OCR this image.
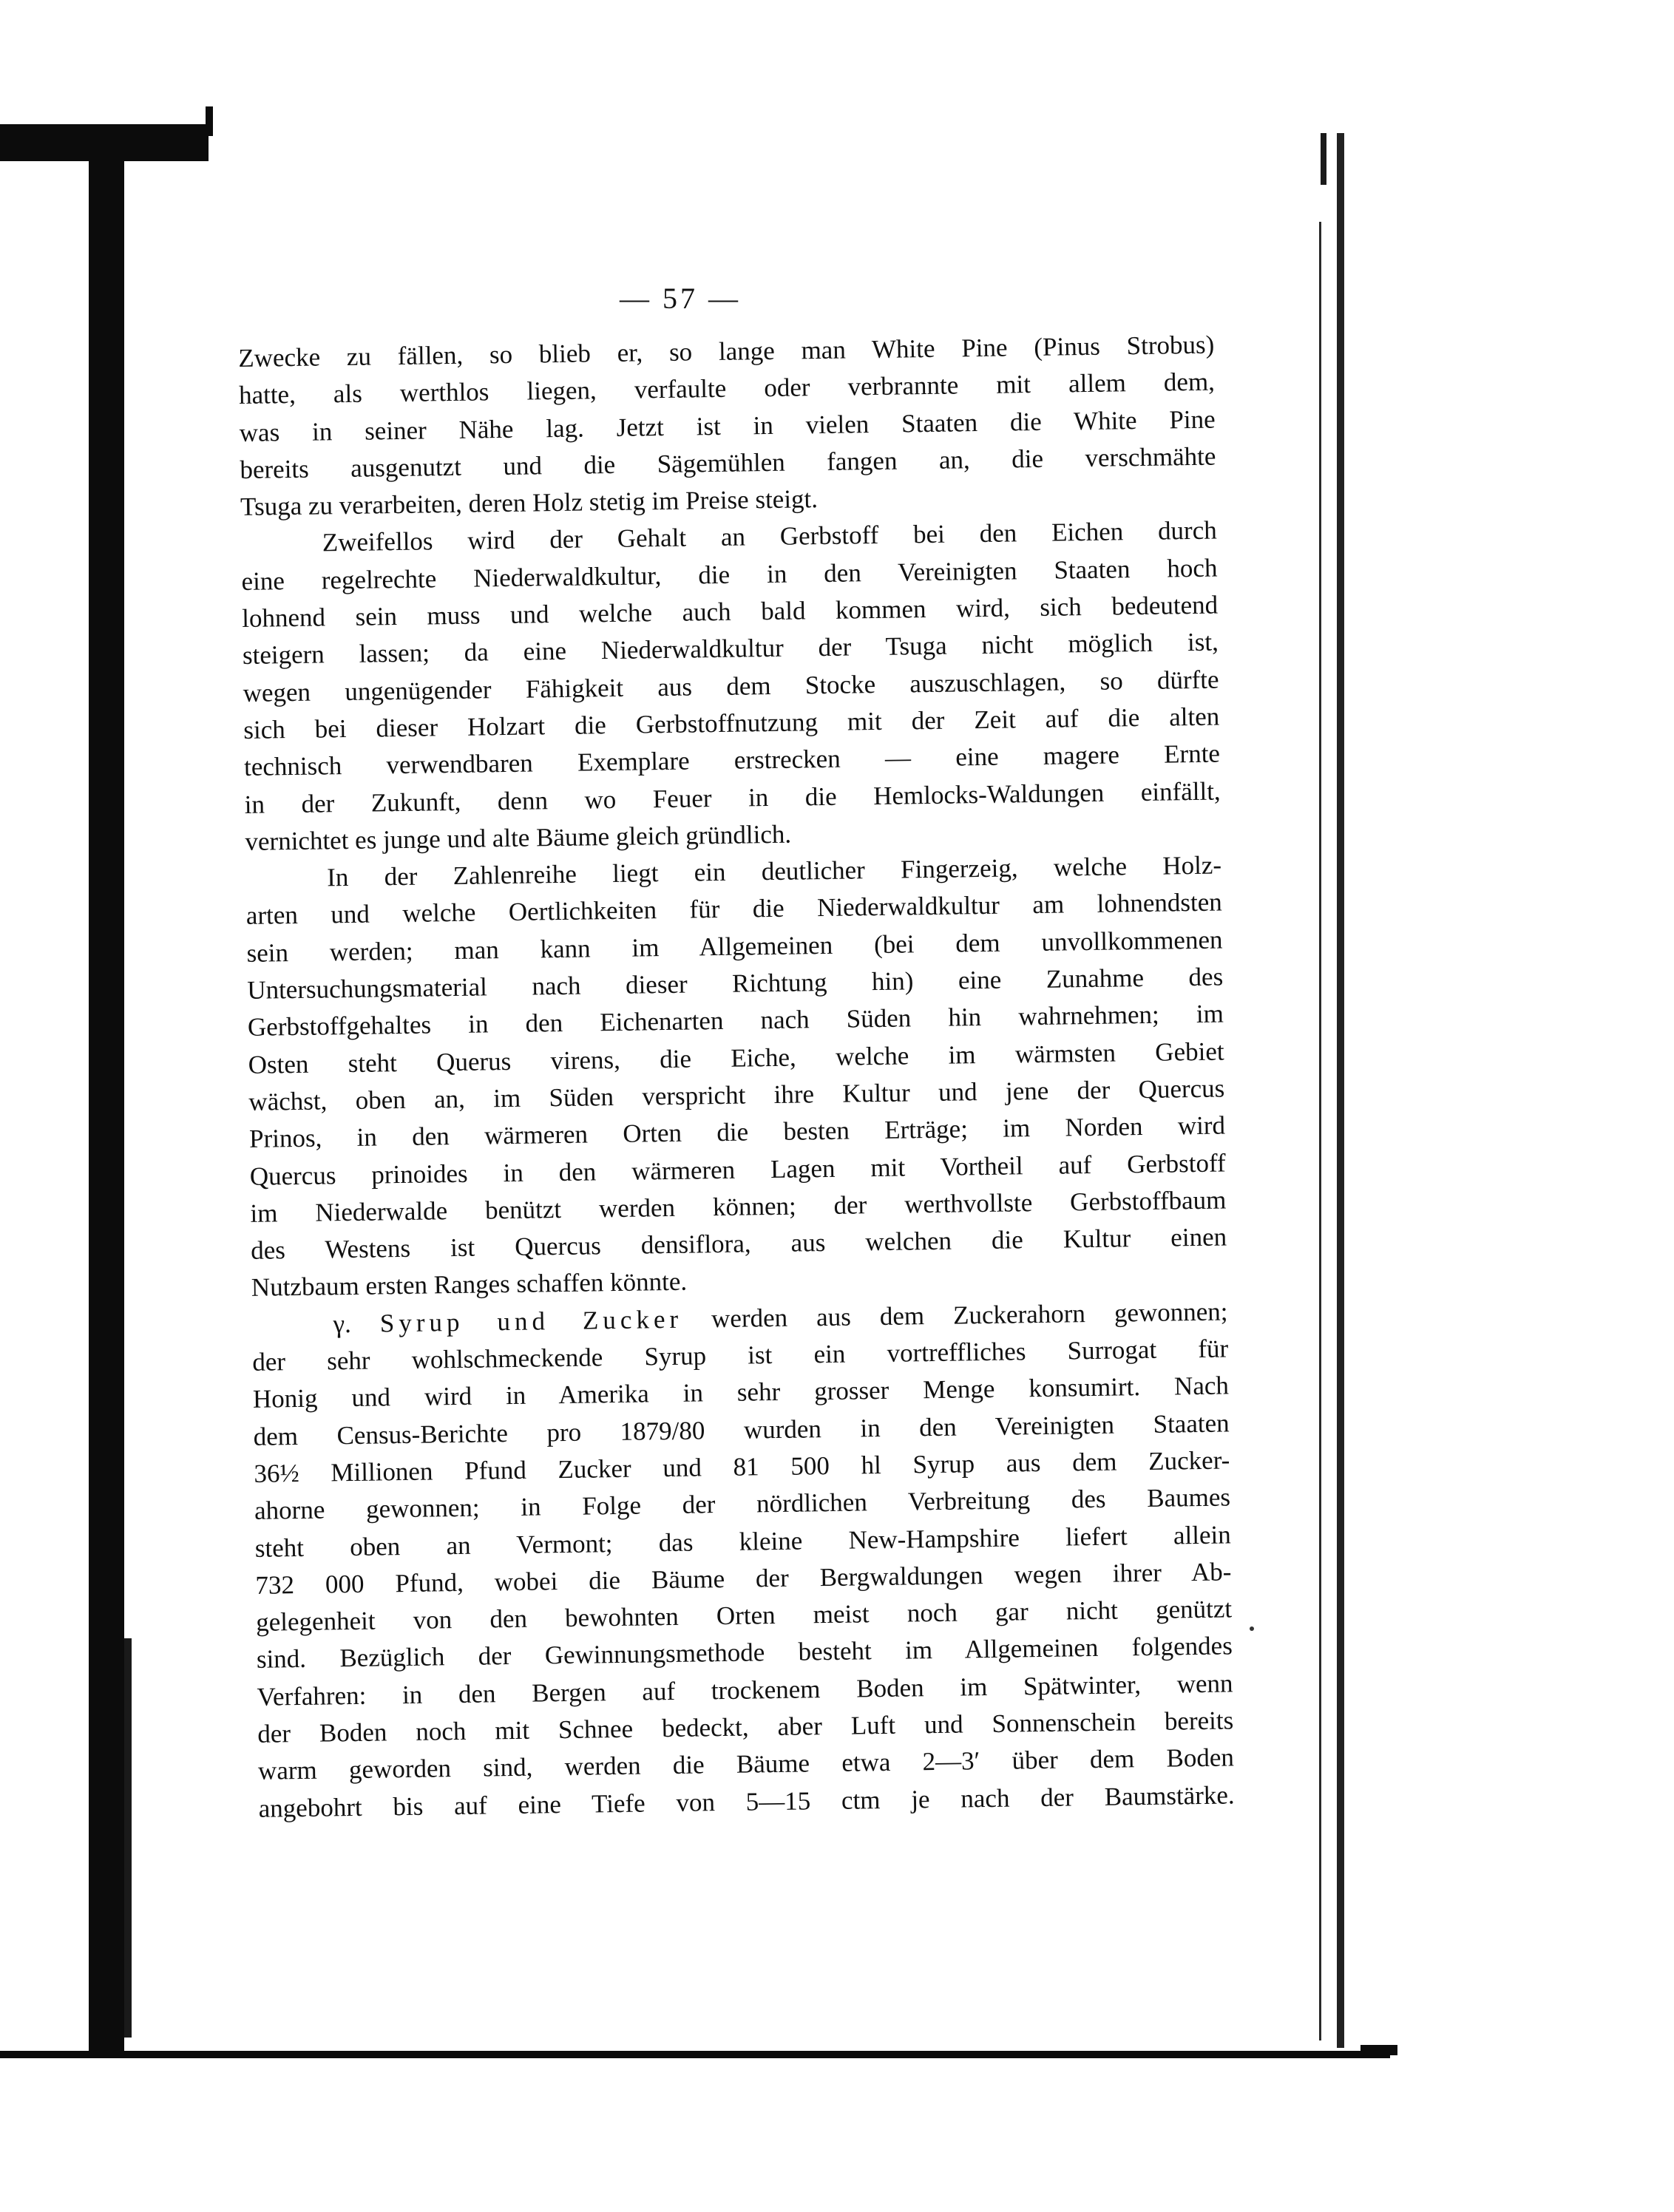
— 57 —
Zwecke zu fällen, so blieb er, so lange man White Pine (Pinus Strobus)
hatte, als werthlos liegen, verfaulte oder verbrannte mit allem dem,
was in seiner Nähe lag. Jetzt ist in vielen Staaten die White Pine
bereits ausgenutzt und die Sägemühlen fangen an, die verschmähte
Tsuga zu verarbeiten, deren Holz stetig im Preise steigt.
Zweifellos wird der Gehalt an Gerbstoff bei den Eichen durch
eine regelrechte Niederwaldkultur, die in den Vereinigten Staaten hoch
lohnend sein muss und welche auch bald kommen wird, sich bedeutend
steigern lassen; da eine Niederwaldkultur der Tsuga nicht möglich ist,
wegen ungenügender Fähigkeit aus dem Stocke auszuschlagen, so dürfte
sich bei dieser Holzart die Gerbstoffnutzung mit der Zeit auf die alten
technisch verwendbaren Exemplare erstrecken — eine magere Ernte
in der Zukunft, denn wo Feuer in die Hemlocks-Waldungen einfällt,
vernichtet es junge und alte Bäume gleich gründlich.
In der Zahlenreihe liegt ein deutlicher Fingerzeig, welche Holz-
arten und welche Oertlichkeiten für die Niederwaldkultur am lohnendsten
sein werden; man kann im Allgemeinen (bei dem unvollkommenen
Untersuchungsmaterial nach dieser Richtung hin) eine Zunahme des
Gerbstoffgehaltes in den Eichenarten nach Süden hin wahrnehmen; im
Osten steht Querus virens, die Eiche, welche im wärmsten Gebiet
wächst, oben an, im Süden verspricht ihre Kultur und jene der Quercus
Prinos, in den wärmeren Orten die besten Erträge; im Norden wird
Quercus prinoides in den wärmeren Lagen mit Vortheil auf Gerbstoff
im Niederwalde benützt werden können; der werthvollste Gerbstoffbaum
des Westens ist Quercus densiflora, aus welchen die Kultur einen
Nutzbaum ersten Ranges schaffen könnte.
γ. Syrup und Zucker werden aus dem Zuckerahorn gewonnen;
der sehr wohlschmeckende Syrup ist ein vortreffliches Surrogat für
Honig und wird in Amerika in sehr grosser Menge konsumirt. Nach
dem Census-Berichte pro 1879/80 wurden in den Vereinigten Staaten
36½ Millionen Pfund Zucker und 81 500 hl Syrup aus dem Zucker-
ahorne gewonnen; in Folge der nördlichen Verbreitung des Baumes
steht oben an Vermont; das kleine New-Hampshire liefert allein
732 000 Pfund, wobei die Bäume der Bergwaldungen wegen ihrer Ab-
gelegenheit von den bewohnten Orten meist noch gar nicht genützt
sind. Bezüglich der Gewinnungsmethode besteht im Allgemeinen folgendes
Verfahren: in den Bergen auf trockenem Boden im Spätwinter, wenn
der Boden noch mit Schnee bedeckt, aber Luft und Sonnenschein bereits
warm geworden sind, werden die Bäume etwa 2—3′ über dem Boden
angebohrt bis auf eine Tiefe von 5—15 ctm je nach der Baumstärke.
